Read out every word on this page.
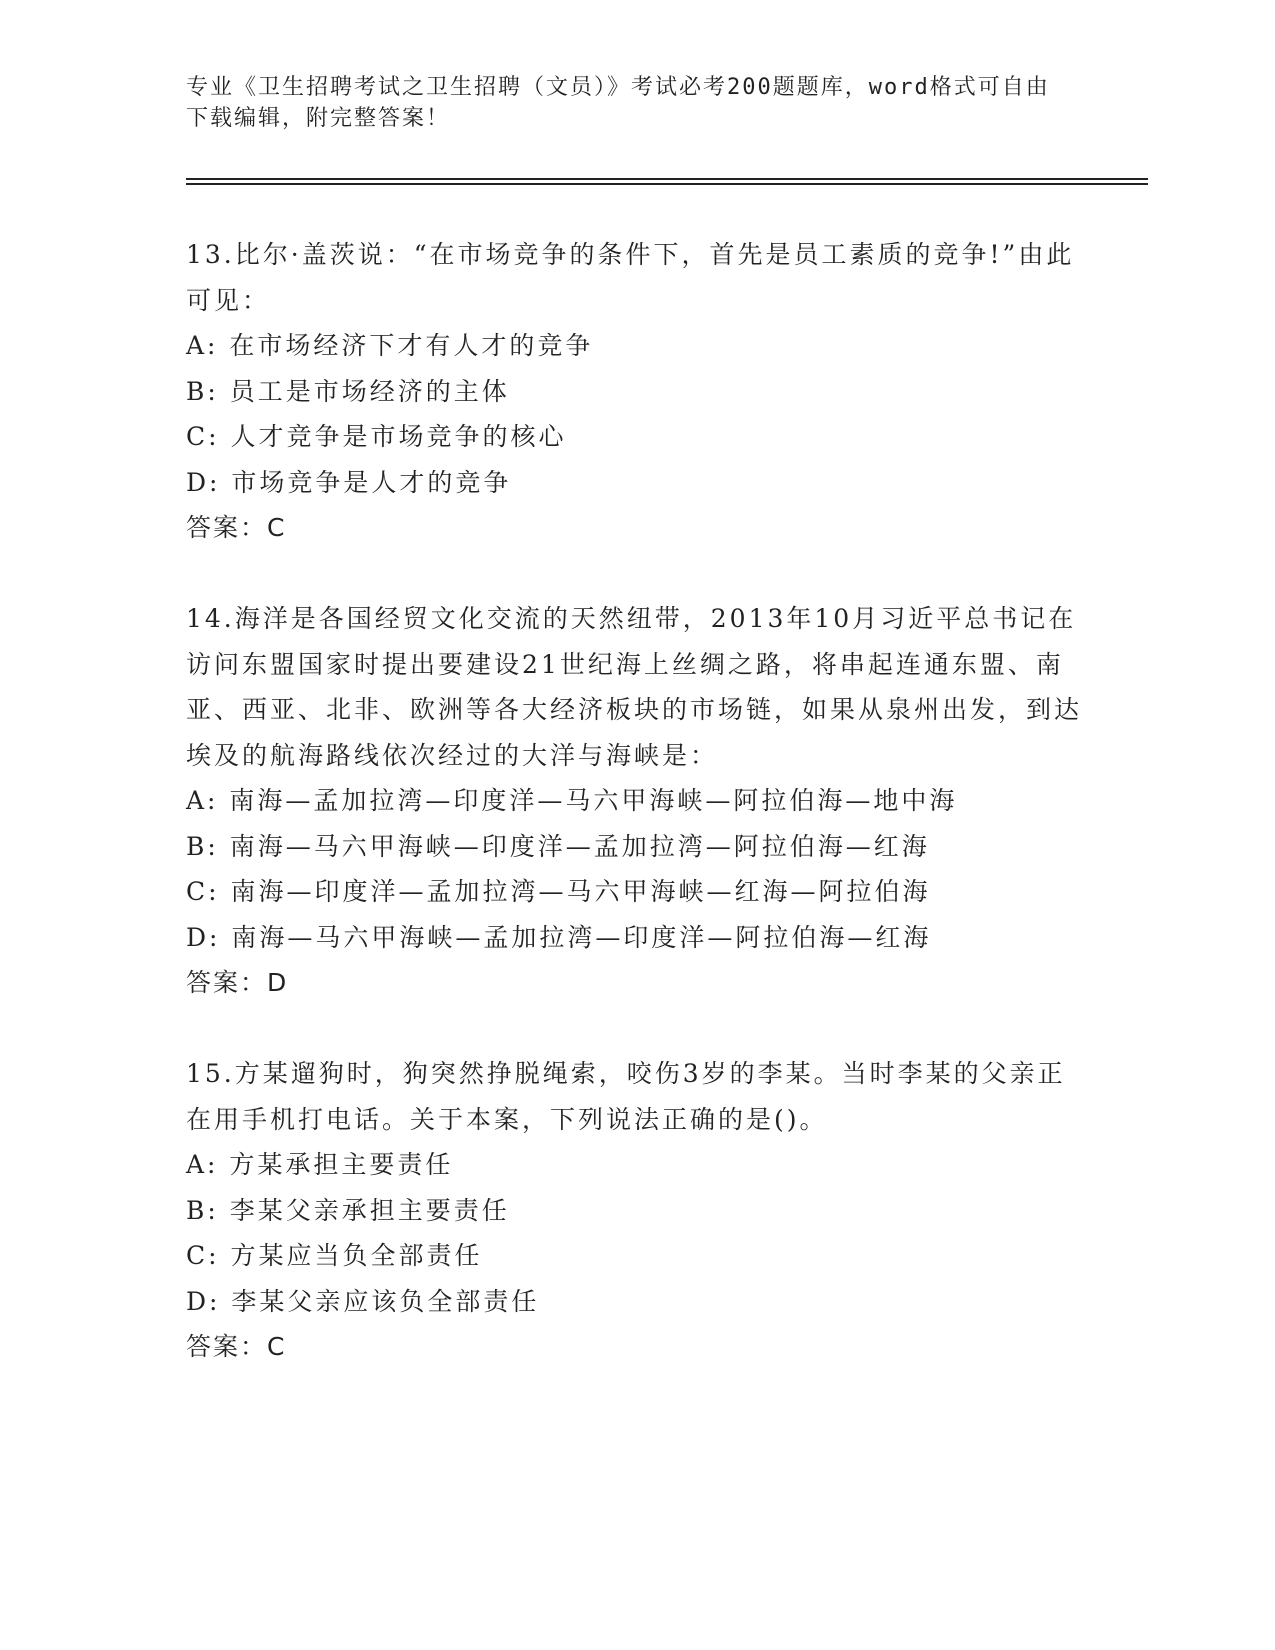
专业《卫生招聘考试之卫生招聘（文员）》考试必考200题题库，word格式可自由下载编辑，附完整答案！

13.比尔·盖茨说：“在市场竞争的条件下，首先是员工素质的竞争!”由此可见：

A: 在市场经济下才有人才的竞争

B: 员工是市场经济的主体

C: 人才竞争是市场竞争的核心

D: 市场竞争是人才的竞争

答案：C

14.海洋是各国经贸文化交流的天然纽带，2013年10月习近平总书记在访问东盟国家时提出要建设21世纪海上丝绸之路，将串起连通东盟、南亚、西亚、北非、欧洲等各大经济板块的市场链，如果从泉州出发，到达埃及的航海路线依次经过的大洋与海峡是：

A: 南海—孟加拉湾—印度洋—马六甲海峡—阿拉伯海—地中海

B: 南海—马六甲海峡—印度洋—孟加拉湾—阿拉伯海—红海

C: 南海—印度洋—孟加拉湾—马六甲海峡—红海—阿拉伯海

D: 南海—马六甲海峡—孟加拉湾—印度洋—阿拉伯海—红海

答案：D

15.方某遛狗时，狗突然挣脱绳索，咬伤3岁的李某。当时李某的父亲正在用手机打电话。关于本案，下列说法正确的是()。

A: 方某承担主要责任

B: 李某父亲承担主要责任

C: 方某应当负全部责任

D: 李某父亲应该负全部责任

答案：C
